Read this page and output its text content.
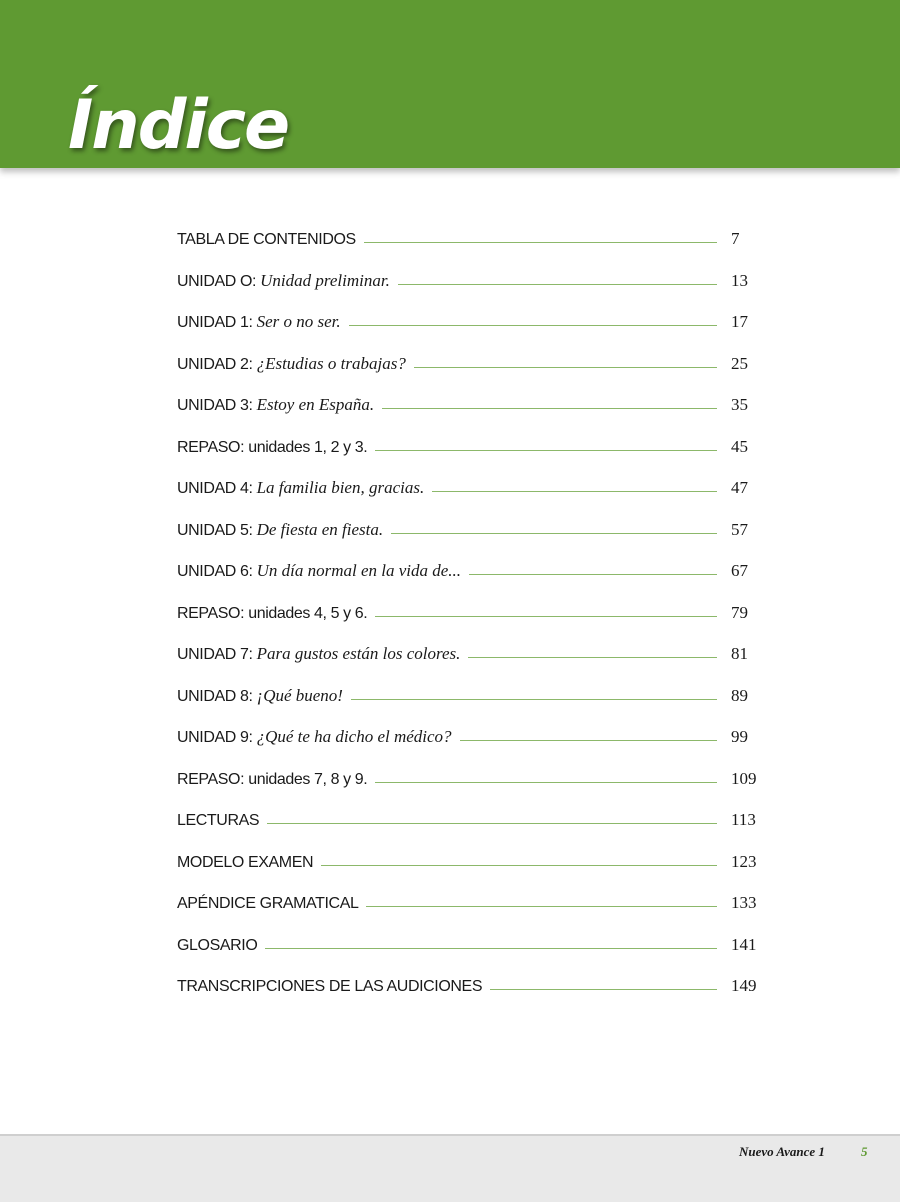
Índice
TABLA DE CONTENIDOS	7
UNIDAD O: Unidad preliminar.	13
UNIDAD 1: Ser o no ser.	17
UNIDAD 2: ¿Estudias o trabajas?	25
UNIDAD 3: Estoy en España.	35
REPASO: unidades 1, 2 y 3.	45
UNIDAD 4: La familia bien, gracias.	47
UNIDAD 5: De fiesta en fiesta.	57
UNIDAD 6: Un día normal en la vida de...	67
REPASO: unidades 4, 5 y 6.	79
UNIDAD 7: Para gustos están los colores.	81
UNIDAD 8: ¡Qué bueno!	89
UNIDAD 9: ¿Qué te ha dicho el médico?	99
REPASO: unidades 7, 8 y 9.	109
LECTURAS	113
MODELO EXAMEN	123
APÉNDICE GRAMATICAL	133
GLOSARIO	141
TRANSCRIPCIONES DE LAS AUDICIONES	149
Nuevo Avance 1	5
